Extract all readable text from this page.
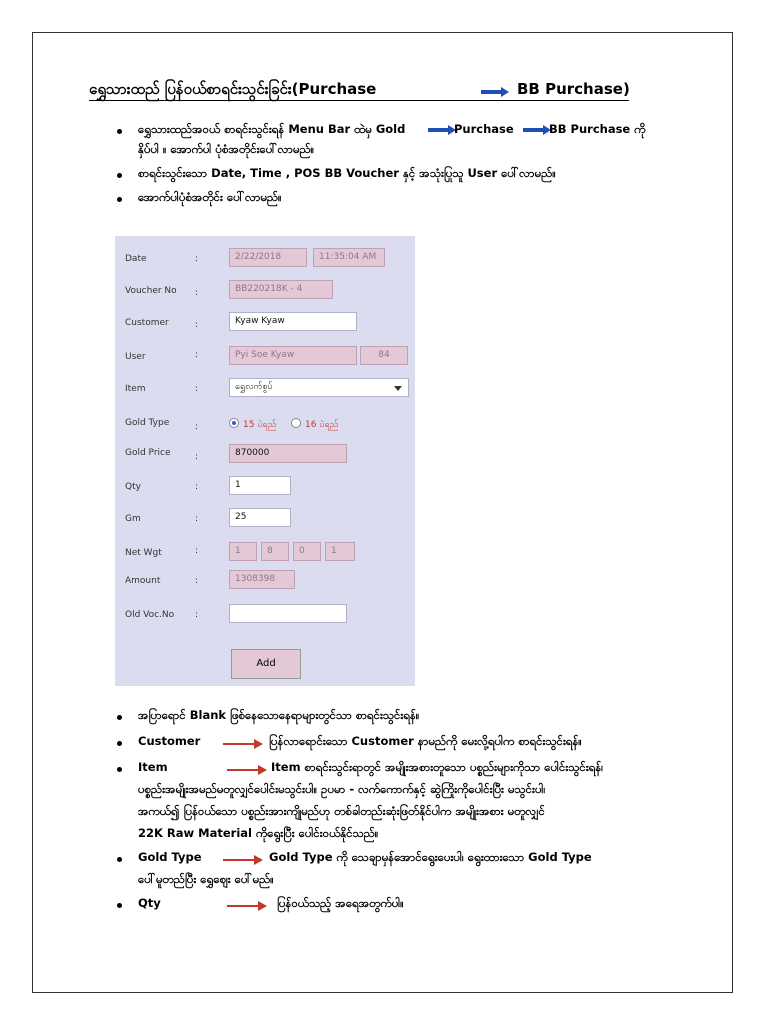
ရွှေသားထည် ပြန်ဝယ်စာရင်းသွင်းခြင်း(Purchase	BB Purchase)
ရွှေသားထည်အဝယ် စာရင်းသွင်းရန် Menu Bar ထဲမှ Gold	Purchase	BB Purchase ကို
နှိပ်ပါ ။ အောက်ပါ ပုံစံအတိုင်းပေါ်လာမည်။
စာရင်းသွင်းသော Date, Time , POS BB Voucher နှင့် အသုံးပြုသူ User ပေါ်လာမည်။
အောက်ပါပုံစံအတိုင်း ပေါ်လာမည်။
Date	:	2/22/2018	11:35:04 AM
Voucher No :	BB220218K - 4
Customer	:	Kyaw Kyaw
User	:	Pyi Soe Kyaw	84
Item	:	ရွှေလက်စွပ်
Gold Type	:	15 ပဲရည်	16 ပဲရည်
Gold Price	:	870000
Qty	:	1
Gm	:	25
Net Wgt	:	1	8	0	1
Amount	:	1308398
Old Voc.No :
Add
အပြာရောင် Blank ဖြစ်နေသောနေရာများတွင်သာ စာရင်းသွင်းရန်။
Customer	ပြန်လာရောင်းသော Customer နာမည်ကို မေးလို့ရပါက စာရင်းသွင်းရန်။
Item	Item စာရင်းသွင်းရာတွင် အမျိုးအစားတူသော ပစ္စည်းများကိုသာ ပေါင်းသွင်းရန်၊
ပစ္စည်းအမျိုးအမည်မတူလျှင်ပေါင်းမသွင်းပါ။ ဥပမာ - လက်ကောက်နှင့် ဆွဲကြိုးကိုပေါင်းပြီး မသွင်းပါ၊
အကယ်၍ ပြန်ဝယ်သော ပစ္စည်းအားကျိုမည်ဟု တစ်ခါတည်းဆုံးဖြတ်နိုင်ပါက အမျိုးအစား မတူလျှင်
22K Raw Material ကိုရွေးပြီး ပေါင်းဝယ်နိုင်သည်။
Gold Type	Gold Type ကို သေချာမှန်အောင်ရွေးပေးပါ၊ ရွေးထားသော Gold Type
ပေါ်မူတည်ပြီး ရွှေဈေး ပေါ်မည်။
Qty	ပြန်ဝယ်သည့် အရေအတွက်ပါ။
